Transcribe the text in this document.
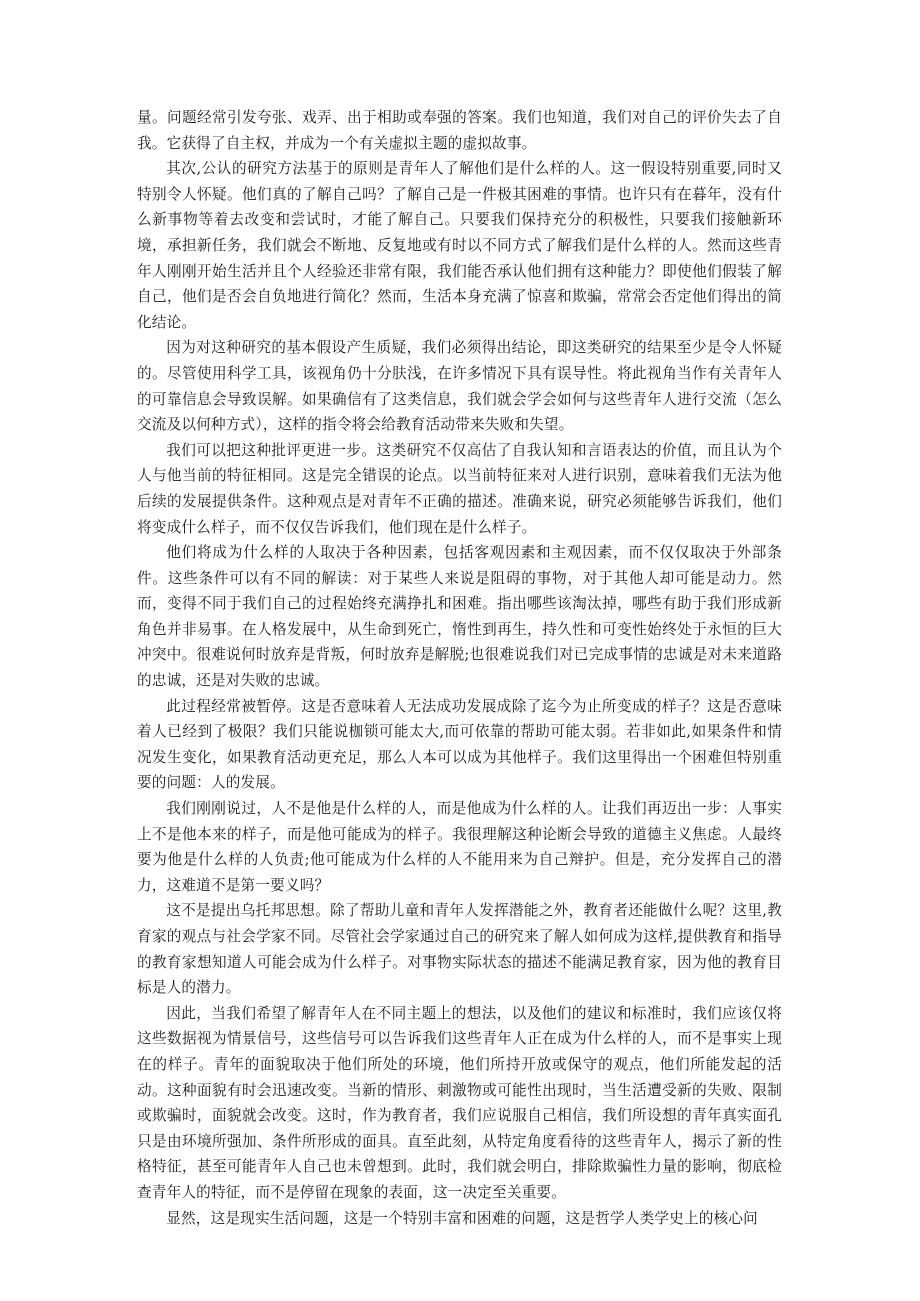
量。问题经常引发夸张、戏弄、出于相助或奉强的答案。我们也知道，我们对自己的评价失去了自我。它获得了自主权，并成为一个有关虚拟主题的虚拟故事。

其次,公认的研究方法基于的原则是青年人了解他们是什么样的人。这一假设特别重要,同时又特别令人怀疑。他们真的了解自己吗？了解自己是一件极其困难的事情。也许只有在暮年，没有什么新事物等着去改变和尝试时，才能了解自己。只要我们保持充分的积极性，只要我们接触新环境，承担新任务，我们就会不断地、反复地或有时以不同方式了解我们是什么样的人。然而这些青年人刚刚开始生活并且个人经验还非常有限，我们能否承认他们拥有这种能力？即使他们假装了解自己，他们是否会自负地进行简化？然而，生活本身充满了惊喜和欺骗，常常会否定他们得出的简化结论。

因为对这种研究的基本假设产生质疑，我们必须得出结论，即这类研究的结果至少是令人怀疑的。尽管使用科学工具，该视角仍十分肤浅，在许多情况下具有误导性。将此视角当作有关青年人的可靠信息会导致误解。如果确信有了这类信息，我们就会学会如何与这些青年人进行交流（怎么交流及以何种方式），这样的指令将会给教育活动带来失败和失望。

我们可以把这种批评更进一步。这类研究不仅高估了自我认知和言语表达的价值，而且认为个人与他当前的特征相同。这是完全错误的论点。以当前特征来对人进行识别，意味着我们无法为他后续的发展提供条件。这种观点是对青年不正确的描述。准确来说，研究必须能够告诉我们，他们将变成什么样子，而不仅仅告诉我们，他们现在是什么样子。

他们将成为什么样的人取决于各种因素，包括客观因素和主观因素，而不仅仅取决于外部条件。这些条件可以有不同的解读：对于某些人来说是阻碍的事物，对于其他人却可能是动力。然而，变得不同于我们自己的过程始终充满挣扎和困难。指出哪些该淘汰掉，哪些有助于我们形成新角色并非易事。在人格发展中，从生命到死亡，惰性到再生，持久性和可变性始终处于永恒的巨大冲突中。很难说何时放弃是背叛，何时放弃是解脱;也很难说我们对已完成事情的忠诚是对未来道路的忠诚，还是对失败的忠诚。

此过程经常被暂停。这是否意味着人无法成功发展成除了迄今为止所变成的样子？这是否意味着人已经到了极限？我们只能说枷锁可能太大,而可依靠的帮助可能太弱。若非如此,如果条件和情况发生变化，如果教育活动更充足，那么人本可以成为其他样子。我们这里得出一个困难但特别重要的问题：人的发展。

我们刚刚说过，人不是他是什么样的人，而是他成为什么样的人。让我们再迈出一步：人事实上不是他本来的样子，而是他可能成为的样子。我很理解这种论断会导致的道德主义焦虑。人最终要为他是什么样的人负责;他可能成为什么样的人不能用来为自己辩护。但是，充分发挥自己的潜力，这难道不是第一要义吗？

这不是提出乌托邦思想。除了帮助儿童和青年人发挥潜能之外，教育者还能做什么呢？这里,教育家的观点与社会学家不同。尽管社会学家通过自己的研究来了解人如何成为这样,提供教育和指导的教育家想知道人可能会成为什么样子。对事物实际状态的描述不能满足教育家，因为他的教育目标是人的潜力。

因此，当我们希望了解青年人在不同主题上的想法，以及他们的建议和标准时，我们应该仅将这些数据视为情景信号，这些信号可以告诉我们这些青年人正在成为什么样的人，而不是事实上现在的样子。青年的面貌取决于他们所处的环境，他们所持开放或保守的观点，他们所能发起的活动。这种面貌有时会迅速改变。当新的情形、刺激物或可能性出现时，当生活遭受新的失败、限制或欺骗时，面貌就会改变。这时，作为教育者，我们应说服自己相信，我们所设想的青年真实面孔只是由环境所强加、条件所形成的面具。直至此刻，从特定角度看待的这些青年人，揭示了新的性格特征，甚至可能青年人自己也未曾想到。此时，我们就会明白，排除欺骗性力量的影响，彻底检查青年人的特征，而不是停留在现象的表面，这一决定至关重要。

显然，这是现实生活问题，这是一个特别丰富和困难的问题，这是哲学人类学史上的核心问
